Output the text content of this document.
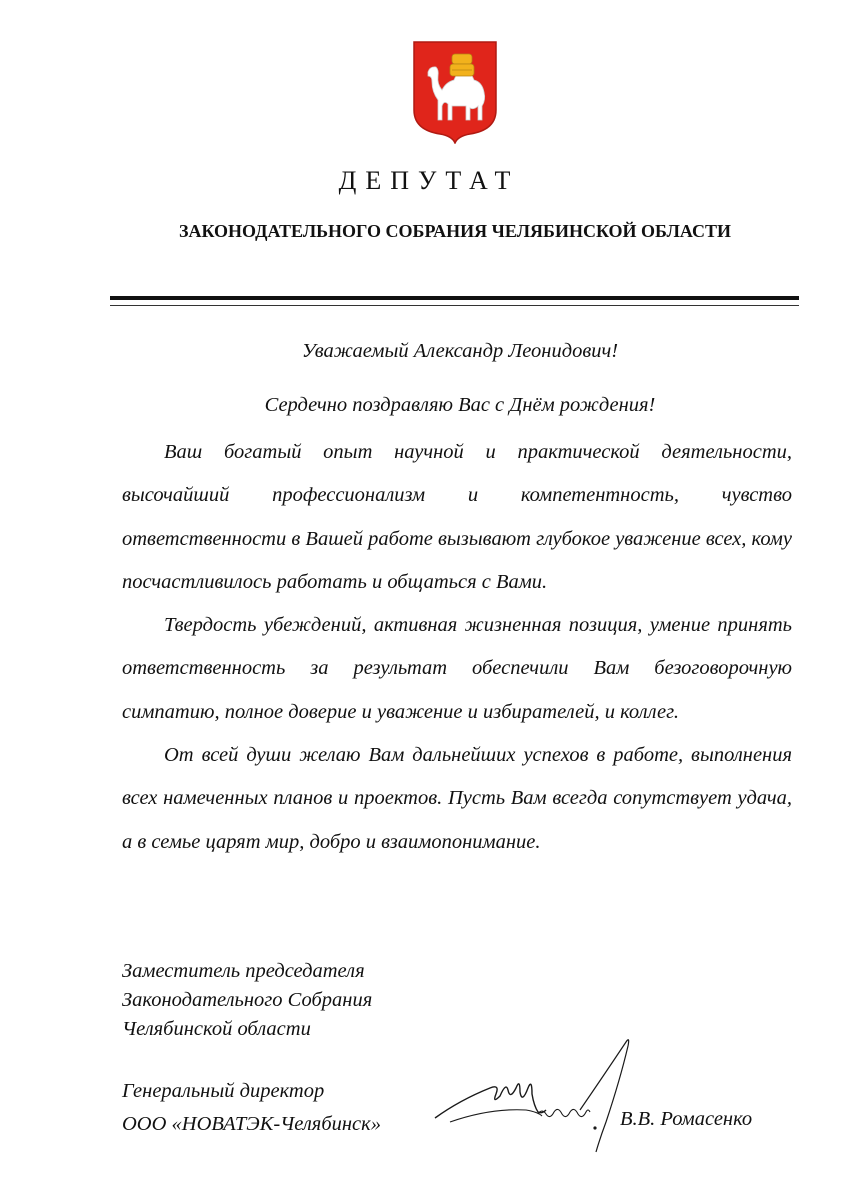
ДЕПУТАТ
ЗАКОНОДАТЕЛЬНОГО СОБРАНИЯ ЧЕЛЯБИНСКОЙ ОБЛАСТИ
Уважаемый Александр Леонидович!
Сердечно поздравляю Вас с Днём рождения!

Ваш богатый опыт научной и практической деятельности, высочайший профессионализм и компетентность, чувство ответственности в Вашей работе вызывают глубокое уважение всех, кому посчастливилось работать и общаться с Вами.

Твердость убеждений, активная жизненная позиция, умение принять ответственность за результат обеспечили Вам безоговорочную симпатию, полное доверие и уважение и избирателей, и коллег.

От всей души желаю Вам дальнейших успехов в работе, выполнения всех намеченных планов и проектов. Пусть Вам всегда сопутствует удача, а в семье царят мир, добро и взаимопонимание.

Заместитель председателя
Законодательного Собрания
Челябинской области
Генеральный директор
ООО «НОВАТЭК-Челябинск»	В.В. Ромасенко
